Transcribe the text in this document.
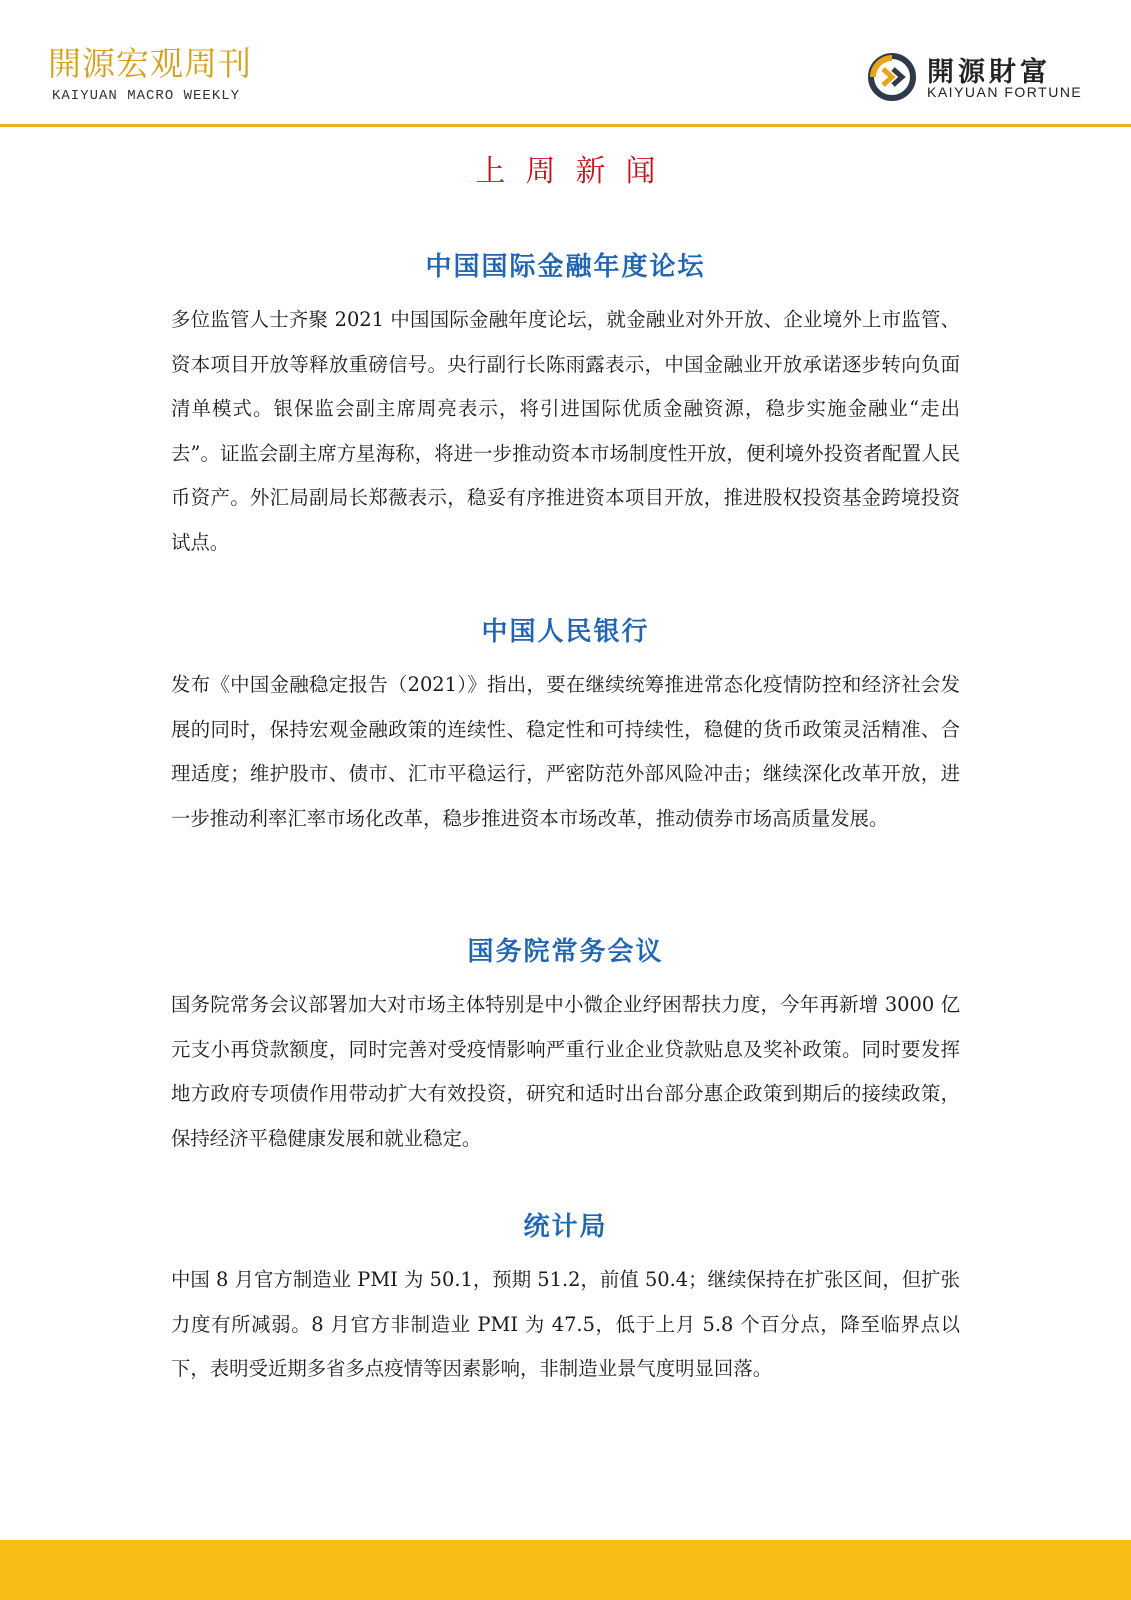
開源宏观周刊
KAIYUAN MACRO WEEKLY
開源財富
KAIYUAN FORTUNE
上周新闻
中国国际金融年度论坛

多位监管人士齐聚 2021 中国国际金融年度论坛，就金融业对外开放、企业境外上市监管、资本项目开放等释放重磅信号。央行副行长陈雨露表示，中国金融业开放承诺逐步转向负面清单模式。银保监会副主席周亮表示，将引进国际优质金融资源，稳步实施金融业“走出去”。证监会副主席方星海称，将进一步推动资本市场制度性开放，便利境外投资者配置人民币资产。外汇局副局长郑薇表示，稳妥有序推进资本项目开放，推进股权投资基金跨境投资试点。

中国人民银行

发布《中国金融稳定报告（2021）》指出，要在继续统筹推进常态化疫情防控和经济社会发展的同时，保持宏观金融政策的连续性、稳定性和可持续性，稳健的货币政策灵活精准、合理适度；维护股市、债市、汇市平稳运行，严密防范外部风险冲击；继续深化改革开放，进一步推动利率汇率市场化改革，稳步推进资本市场改革，推动债券市场高质量发展。

国务院常务会议

国务院常务会议部署加大对市场主体特别是中小微企业纾困帮扶力度，今年再新增 3000 亿元支小再贷款额度，同时完善对受疫情影响严重行业企业贷款贴息及奖补政策。同时要发挥地方政府专项债作用带动扩大有效投资，研究和适时出台部分惠企政策到期后的接续政策，保持经济平稳健康发展和就业稳定。

统计局

中国 8 月官方制造业 PMI 为 50.1，预期 51.2，前值 50.4；继续保持在扩张区间，但扩张力度有所减弱。8 月官方非制造业 PMI 为 47.5，低于上月 5.8 个百分点，降至临界点以下，表明受近期多省多点疫情等因素影响，非制造业景气度明显回落。
